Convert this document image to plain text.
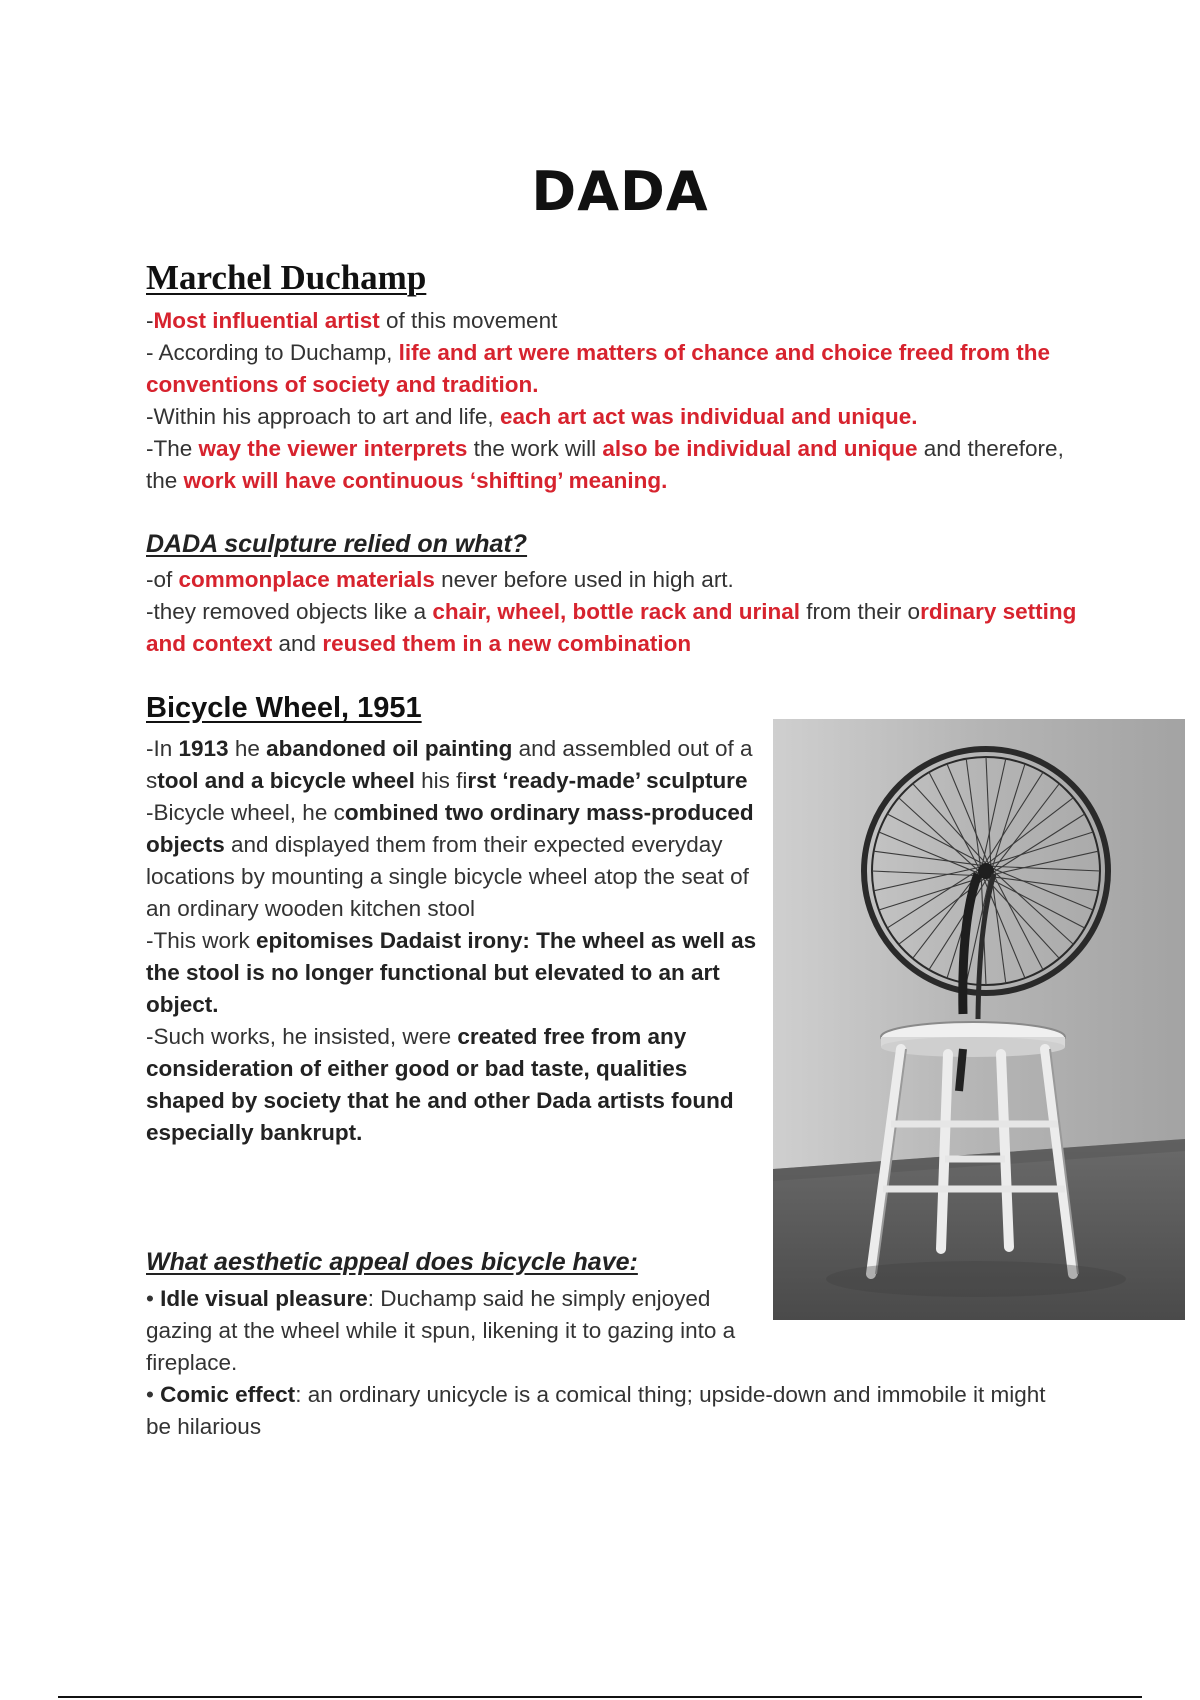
DADA
Marchel Duchamp
-Most influential artist of this movement
- According to Duchamp, life and art were matters of chance and choice freed from the conventions of society and tradition.
-Within his approach to art and life, each art act was individual and unique.
-The way the viewer interprets the work will also be individual and unique and therefore, the work will have continuous ‘shifting’ meaning.
DADA sculpture relied on what?
-of commonplace materials never before used in high art.
-they removed objects like a chair, wheel, bottle rack and urinal from their ordinary setting and context and reused them in a new combination
Bicycle Wheel, 1951
-In 1913 he abandoned oil painting and assembled out of a stool and a bicycle wheel his first ‘ready-made’ sculpture
-Bicycle wheel, he combined two ordinary mass-produced objects and displayed them from their expected everyday locations by mounting a single bicycle wheel atop the seat of an ordinary wooden kitchen stool
-This work epitomises Dadaist irony: The wheel as well as the stool is no longer functional but elevated to an art object.
-Such works, he insisted, were created free from any consideration of either good or bad taste, qualities shaped by society that he and other Dada artists found especially bankrupt.
What aesthetic appeal does bicycle have:
• Idle visual pleasure: Duchamp said he simply enjoyed gazing at the wheel while it spun, likening it to gazing into a fireplace.
• Comic effect: an ordinary unicycle is a comical thing; upside-down and immobile it might be hilarious
